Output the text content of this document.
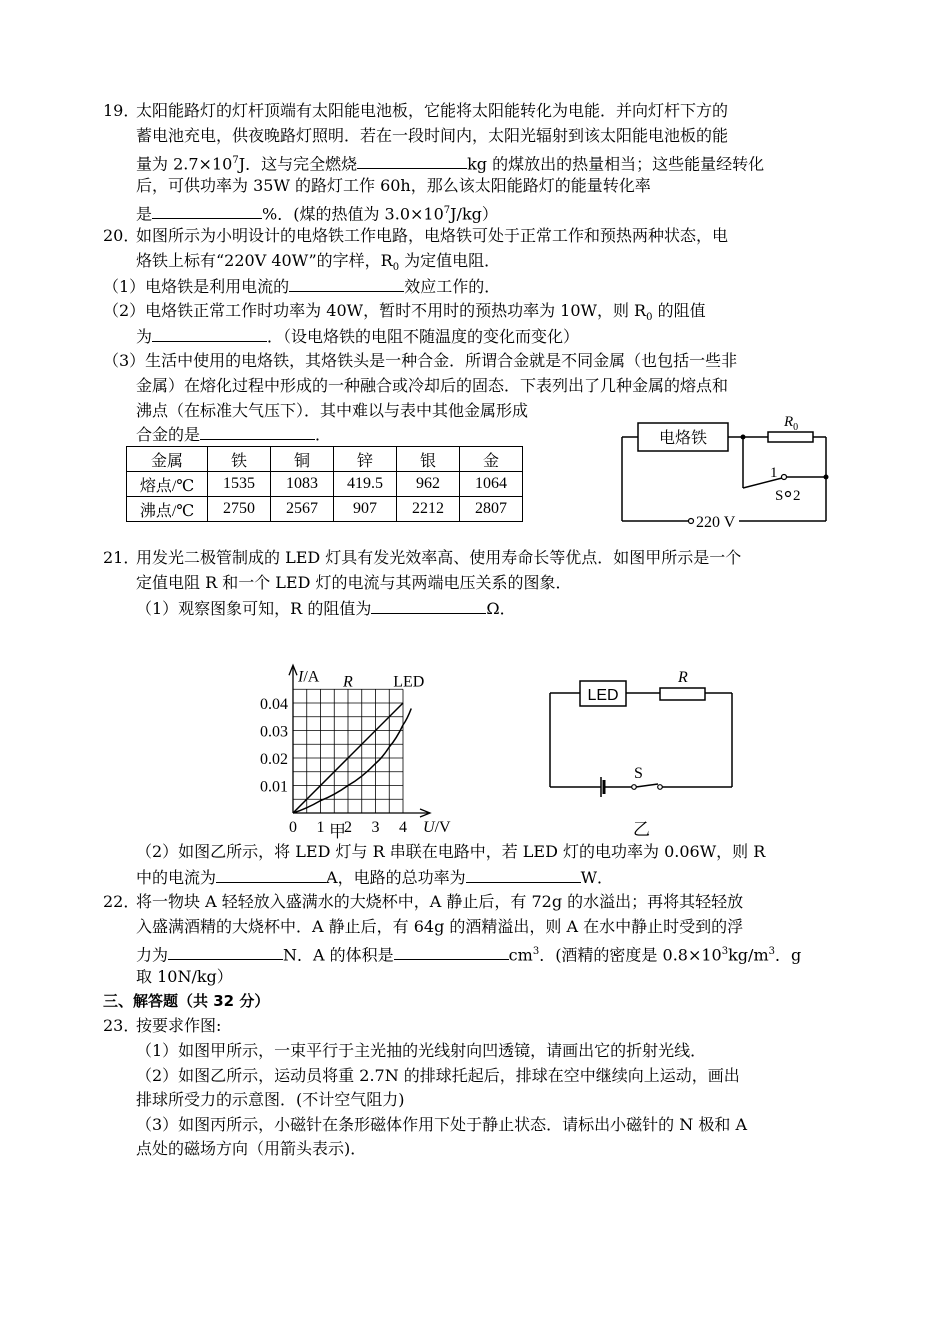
19．
太阳能路灯的灯杆顶端有太阳能电池板，它能将太阳能转化为电能．并向灯杆下方的
蓄电池充电，供夜晚路灯照明．若在一段时间内，太阳光辐射到该太阳能电池板的能
量为 $2.7\times 10^7J$．这与完全燃烧	kg 的煤放出的热量相当；这些能量经转化
后，可供功率为 35W 的路灯工作 60h，那么该太阳能路灯的能量转化率
是	%．(煤的热值为 $3.0\times 10^7J/kg$）
20．
如图所示为小明设计的电烙铁工作电路，电烙铁可处于正常工作和预热两种状态，电
烙铁上标有“220V 40W”的字样，$R_0$ 为定值电阻．
（1）电烙铁是利用电流的	效应工作的．
（2）电烙铁正常工作时功率为 40W，暂时不用时的预热功率为 10W，则 $R_0$ 的阻值
为	．（设电烙铁的电阻不随温度的变化而变化）
（3）生活中使用的电烙铁，其烙铁头是一种合金．所谓合金就是不同金属（也包括一些非
金属）在熔化过程中形成的一种融合或冷却后的固态．下表列出了几种金属的熔点和
沸点（在标准大气压下）．其中难以与表中其他金属形成
合金的是	．
金属	铁	铜	锌	银	金
熔点/℃	1535	1083	419.5	962	1064
沸点/℃	2750	2567	907	2212	2807
电烙铁
$R_0$
1
S 2
220 V
21．
用发光二极管制成的 LED 灯具有发光效率高、使用寿命长等优点．如图甲所示是一个
定值电阻 R 和一个 LED 灯的电流与其两端电压关系的图象．
（1）观察图象可知，R 的阻值为	Ω．
0 1 2 3 4
0.01
0.02
0.03
0.04
I/A
U/V
R	LED
甲
LED
R
S
乙
（2）如图乙所示，将 LED 灯与 R 串联在电路中，若 LED 灯的电功率为 0.06W，则 R
中的电流为	A，电路的总功率为	W．
22．
将一物块 A 轻轻放入盛满水的大烧杯中，A 静止后，有 72g 的水溢出；再将其轻轻放
入盛满酒精的大烧杯中．A 静止后，有 64g 的酒精溢出，则 A 在水中静止时受到的浮
力为	N．A 的体积是	$cm^3$．(酒精的密度是 $0.8\times 10^3kg/m^3$．g
取 10N/kg）
三、解答题（共 32 分）
23．
按要求作图:
（1）如图甲所示，一束平行于主光抽的光线射向凹透镜，请画出它的折射光线．
（2）如图乙所示，运动员将重 2.7N 的排球托起后，排球在空中继续向上运动，画出
排球所受力的示意图．(不计空气阻力)
（3）如图丙所示，小磁针在条形磁体作用下处于静止状态．请标出小磁针的 N 极和 A
点处的磁场方向（用箭头表示)．
